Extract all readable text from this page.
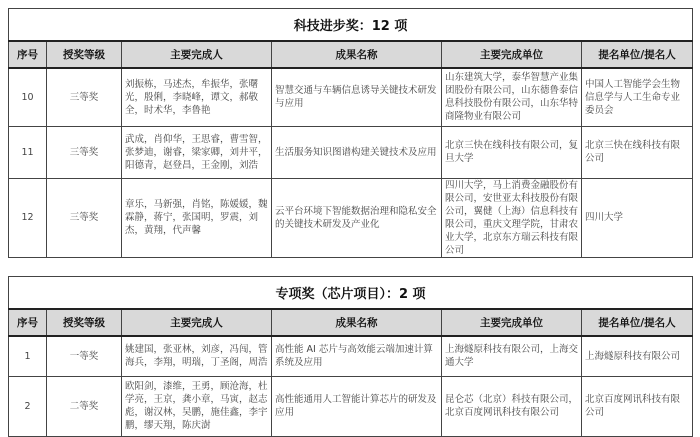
科技进步奖：12 项					
序号	授奖等级	主要完成人	成果名称	主要完成单位	提名单位/提名人
10	三等奖	刘振栋，马述杰，牟振华，张曙光，殷俐，李晓峰，谭文，郝敬全，时术华，李鲁艳	智慧交通与车辆信息诱导关键技术研发与应用	山东建筑大学，泰华智慧产业集团股份有限公司，山东德鲁泰信息科技股份有限公司，山东华特商隆物业有限公司	中国人工智能学会生物信息学与人工生命专业委员会
11	三等奖	武成，肖仰华，王思睿，曹雪智，张梦迪，谢睿，梁家卿，刘井平，阳德青，赵登昌，王金刚，刘浩	生活服务知识图谱构建关键技术及应用	北京三快在线科技有限公司，复旦大学	北京三快在线科技有限公司
12	三等奖	章乐，马新强，肖铭，陈媛媛，魏霖静，蒋宁，张国明，罗震，刘杰，黄翔，代声馨	云平台环境下智能数据治理和隐私安全的关键技术研发及产业化	四川大学，马上消费金融股份有限公司，安世亚太科技股份有限公司，翼健（上海）信息科技有限公司，重庆文理学院，甘肃农业大学，北京东方瑞云科技有限公司	四川大学
专项奖（芯片项目）：2 项					
序号	授奖等级	主要完成人	成果名称	主要完成单位	提名单位/提名人
1	一等奖	姚建国，张亚林，刘彦，冯闯，管海兵，李翔，明瑞，丁圣阁，周浩	高性能 AI 芯片与高效能云端加速计算系统及应用	上海燧原科技有限公司，上海交通大学	上海燧原科技有限公司
2	二等奖	欧阳剑，漆维，王勇，顾沧海，杜学亮，王京，龚小章，马寅，赵志彪，谢汉林，吴鹏，施佳鑫，李宇鹏，缪天翔，陈庆澍	高性能通用人工智能计算芯片的研发及应用	昆仑芯（北京）科技有限公司，北京百度网讯科技有限公司	北京百度网讯科技有限公司
